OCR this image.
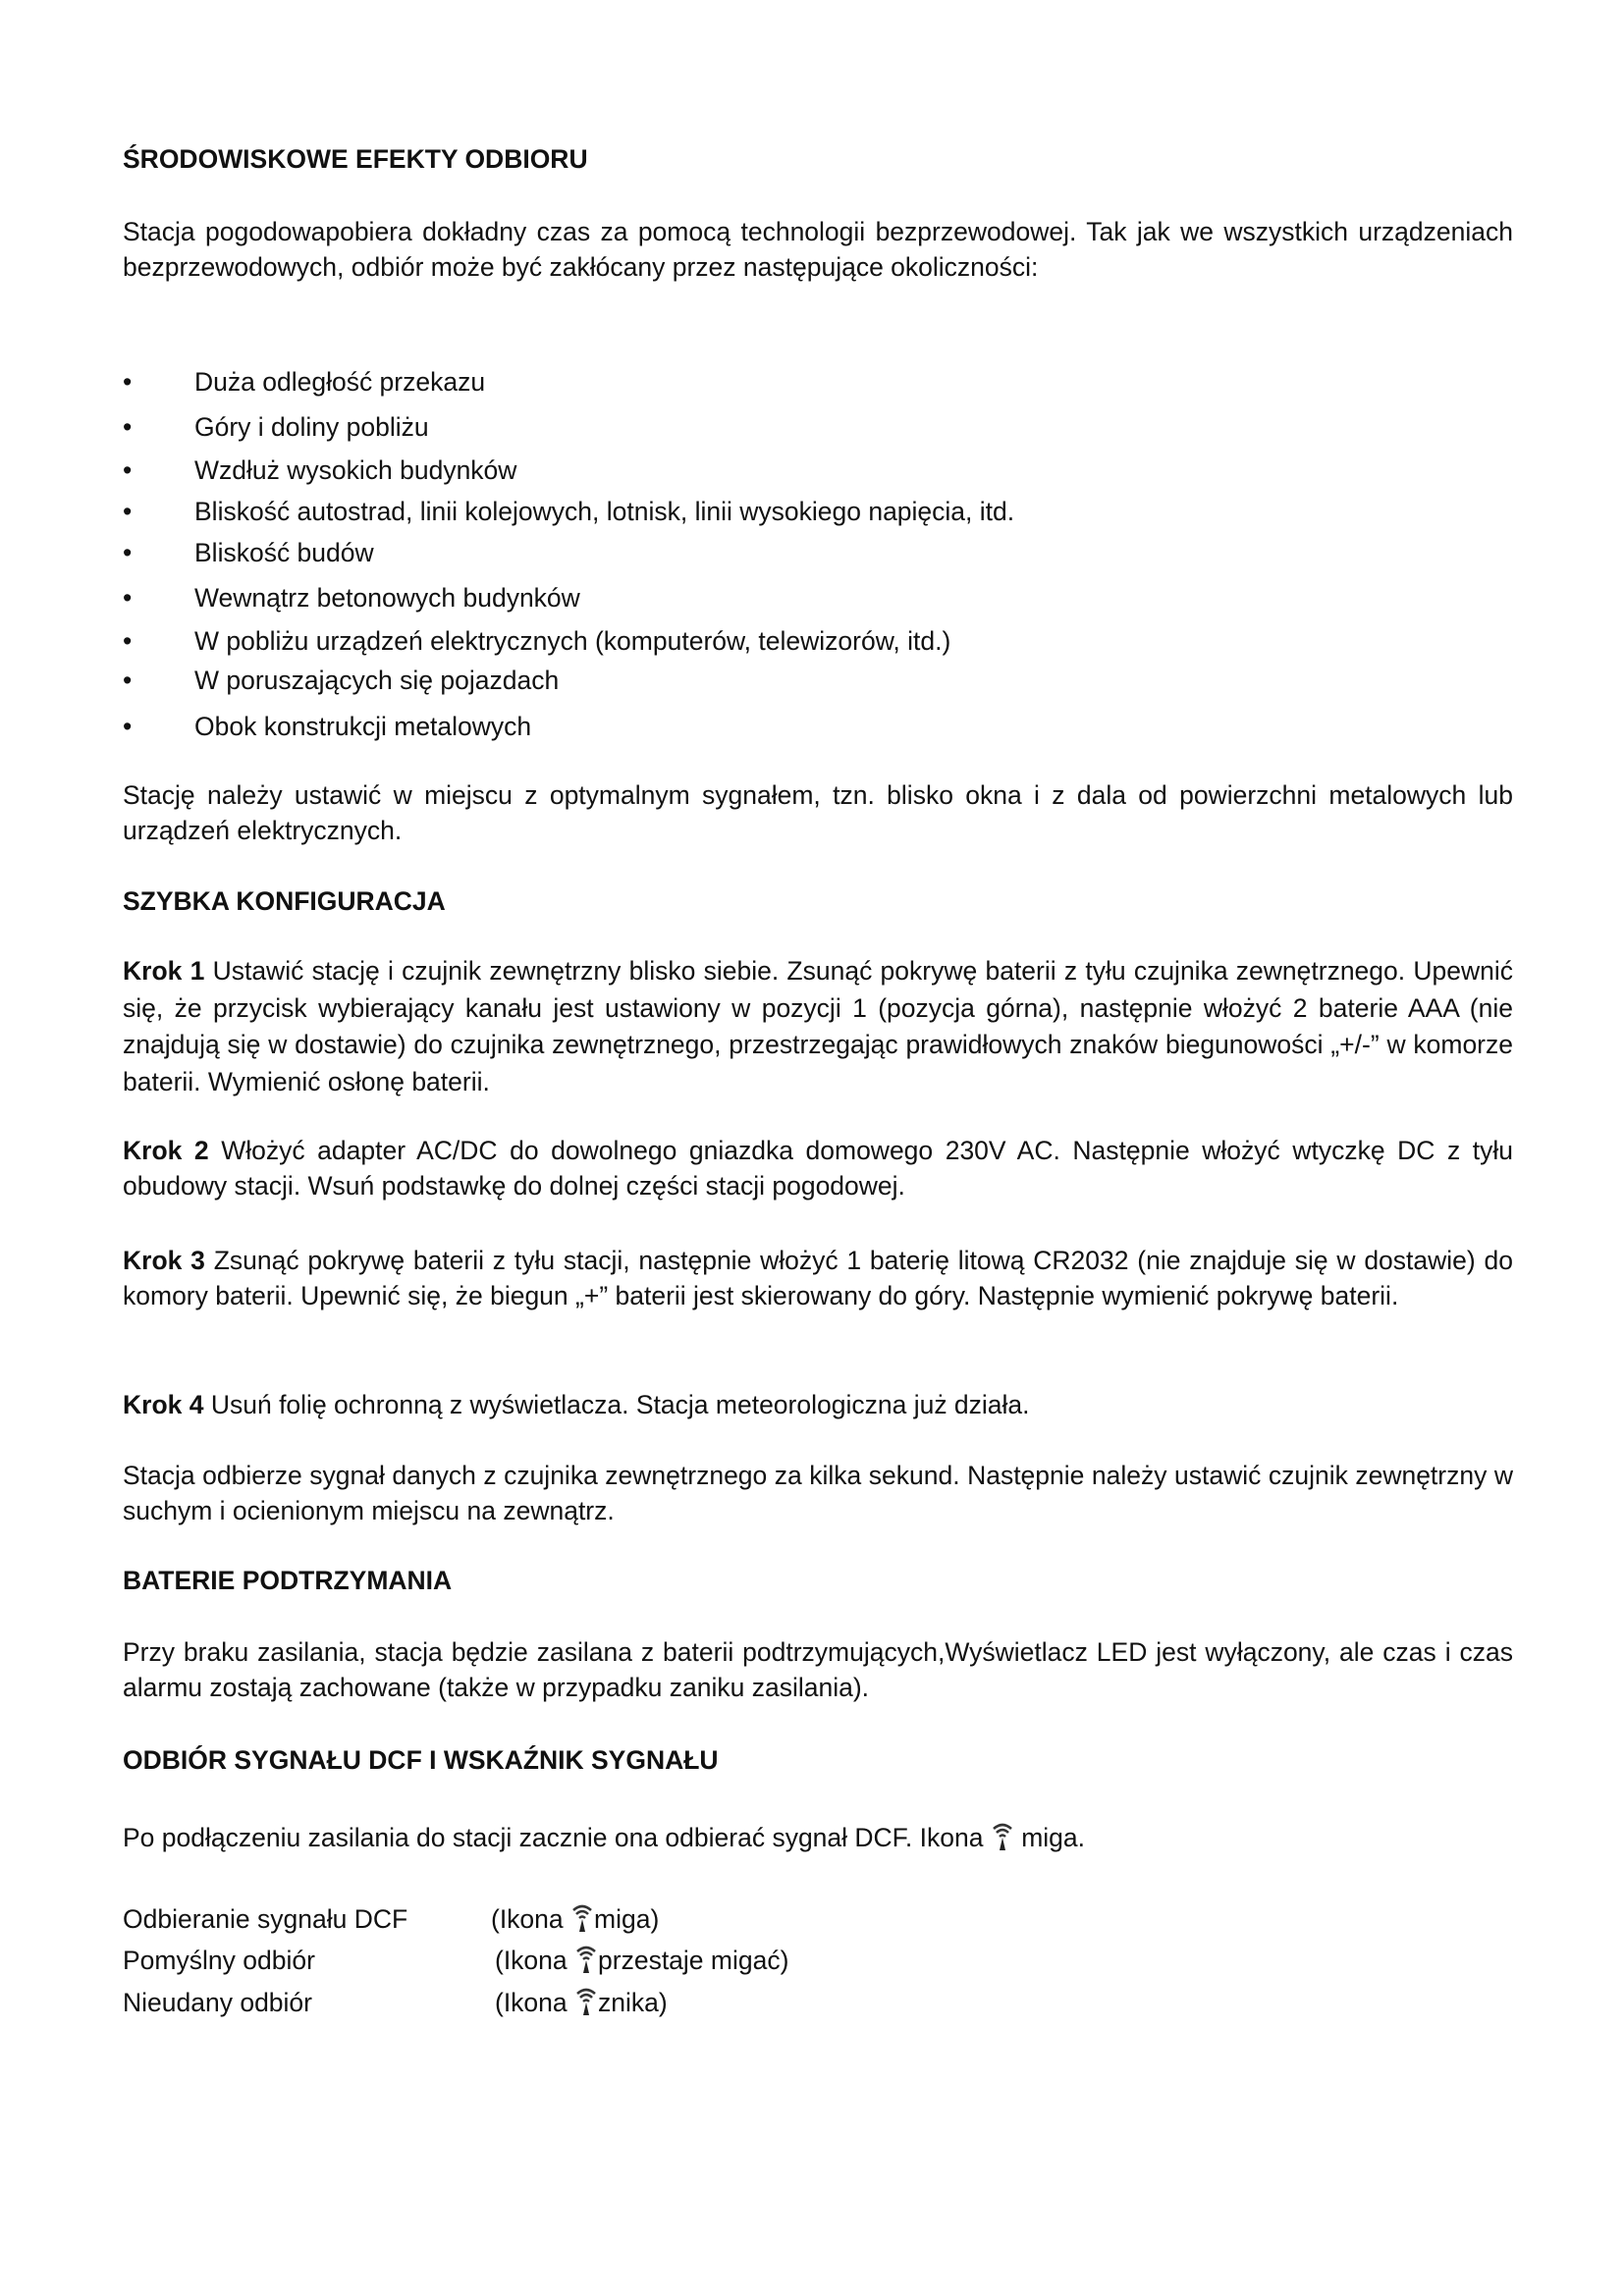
ŚRODOWISKOWE EFEKTY ODBIORU
Stacja pogodowapobiera dokładny czas za pomocą technologii bezprzewodowej. Tak jak we wszystkich urządzeniach bezprzewodowych, odbiór może być zakłócany przez następujące okoliczności:
• Duża odległość przekazu
• Góry i doliny pobliżu
• Wzdłuż wysokich budynków
• Bliskość autostrad, linii kolejowych, lotnisk, linii wysokiego napięcia, itd.
• Bliskość budów
• Wewnątrz betonowych budynków
• W pobliżu urządzeń elektrycznych (komputerów, telewizorów, itd.)
• W poruszających się pojazdach
• Obok konstrukcji metalowych
Stację należy ustawić w miejscu z optymalnym sygnałem, tzn. blisko okna i z dala od powierzchni metalowych lub urządzeń elektrycznych.
SZYBKA KONFIGURACJA
Krok 1 Ustawić stację i czujnik zewnętrzny blisko siebie. Zsunąć pokrywę baterii z tyłu czujnika zewnętrznego. Upewnić się, że przycisk wybierający kanału jest ustawiony w pozycji 1 (pozycja górna), następnie włożyć 2 baterie AAA (nie znajdują się w dostawie) do czujnika zewnętrznego, przestrzegając prawidłowych znaków biegunowości „+/-” w komorze baterii. Wymienić osłonę baterii.
Krok 2 Włożyć adapter AC/DC do dowolnego gniazdka domowego 230V AC. Następnie włożyć wtyczkę DC z tyłu obudowy stacji. Wsuń podstawkę do dolnej części stacji pogodowej.
Krok 3 Zsunąć pokrywę baterii z tyłu stacji, następnie włożyć 1 baterię litową CR2032 (nie znajduje się w dostawie) do komory baterii. Upewnić się, że biegun „+” baterii jest skierowany do góry. Następnie wymienić pokrywę baterii.
Krok 4 Usuń folię ochronną z wyświetlacza. Stacja meteorologiczna już działa.
Stacja odbierze sygnał danych z czujnika zewnętrznego za kilka sekund. Następnie należy ustawić czujnik zewnętrzny w suchym i ocienionym miejscu na zewnątrz.
BATERIE PODTRZYMANIA
Przy braku zasilania, stacja będzie zasilana z baterii podtrzymujących,Wyświetlacz LED jest wyłączony, ale czas i czas alarmu zostają zachowane (także w przypadku zaniku zasilania).
ODBIÓR SYGNAŁU DCF I WSKAŹNIK SYGNAŁU
Po podłączeniu zasilania do stacji zacznie ona odbierać sygnał DCF. Ikona  miga.
Odbieranie sygnału DCF	(Ikona miga)
Pomyślny odbiór	(Ikona przestaje migać)
Nieudany odbiór	(Ikona znika)
